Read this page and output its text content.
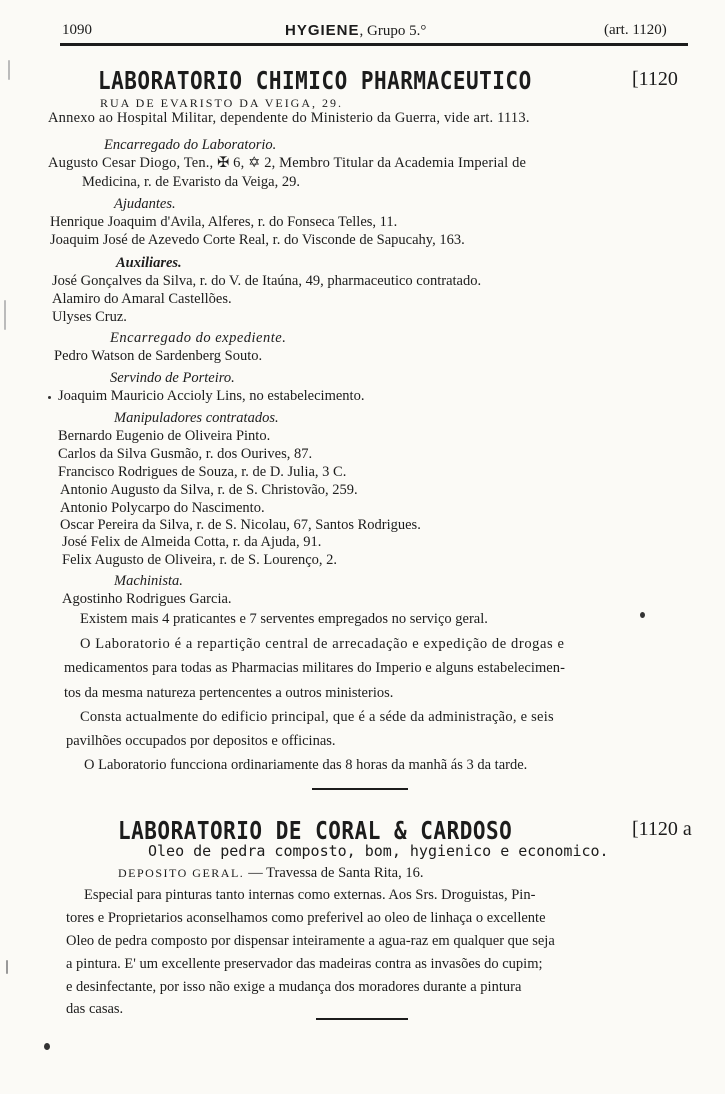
1090	HYGIENE, Grupo 5.°	(art. 1120)
LABORATORIO CHIMICO PHARMACEUTICO	[1120
RUA DE EVARISTO DA VEIGA, 29.
Annexo ao Hospital Militar, dependente do Ministerio da Guerra, vide art. 1113.
Encarregado do Laboratorio.
Augusto Cesar Diogo, Ten., ✠ 6, ✡ 2, Membro Titular da Academia Imperial de
Medicina, r. de Evaristo da Veiga, 29.
Ajudantes.
Henrique Joaquim d'Avila, Alferes, r. do Fonseca Telles, 11.
Joaquim José de Azevedo Corte Real, r. do Visconde de Sapucahy, 163.
Auxiliares.
José Gonçalves da Silva, r. do V. de Itaúna, 49, pharmaceutico contratado.
Alamiro do Amaral Castellões.
Ulyses Cruz.
Encarregado do expediente.
Pedro Watson de Sardenberg Souto.
Servindo de Porteiro.
Joaquim Mauricio Accioly Lins, no estabelecimento.
Manipuladores contratados.
Bernardo Eugenio de Oliveira Pinto.
Carlos da Silva Gusmão, r. dos Ourives, 87.
Francisco Rodrigues de Souza, r. de D. Julia, 3 C.
Antonio Augusto da Silva, r. de S. Christovão, 259.
Antonio Polycarpo do Nascimento.
Oscar Pereira da Silva, r. de S. Nicolau, 67, Santos Rodrigues.
José Felix de Almeida Cotta, r. da Ajuda, 91.
Felix Augusto de Oliveira, r. de S. Lourenço, 2.
Machinista.
Agostinho Rodrigues Garcia.
Existem mais 4 praticantes e 7 serventes empregados no serviço geral.
O Laboratorio é a repartição central de arrecadação e expedição de drogas e
medicamentos para todas as Pharmacias militares do Imperio e alguns estabelecimen-
tos da mesma natureza pertencentes a outros ministerios.
Consta actualmente do edificio principal, que é a séde da administração, e seis
pavilhões occupados por depositos e officinas.
O Laboratorio funcciona ordinariamente das 8 horas da manhã ás 3 da tarde.
LABORATORIO DE CORAL & CARDOSO	[1120 a
Oleo de pedra composto, bom, hygienico e economico.
DEPOSITO GERAL. — Travessa de Santa Rita, 16.
Especial para pinturas tanto internas como externas. Aos Srs. Droguistas, Pin-
tores e Proprietarios aconselhamos como preferivel ao oleo de linhaça o excellente
Oleo de pedra composto por dispensar inteiramente a agua-raz em qualquer que seja
a pintura. E' um excellente preservador das madeiras contra as invasões do cupim;
e desinfectante, por isso não exige a mudança dos moradores durante a pintura
das casas.
